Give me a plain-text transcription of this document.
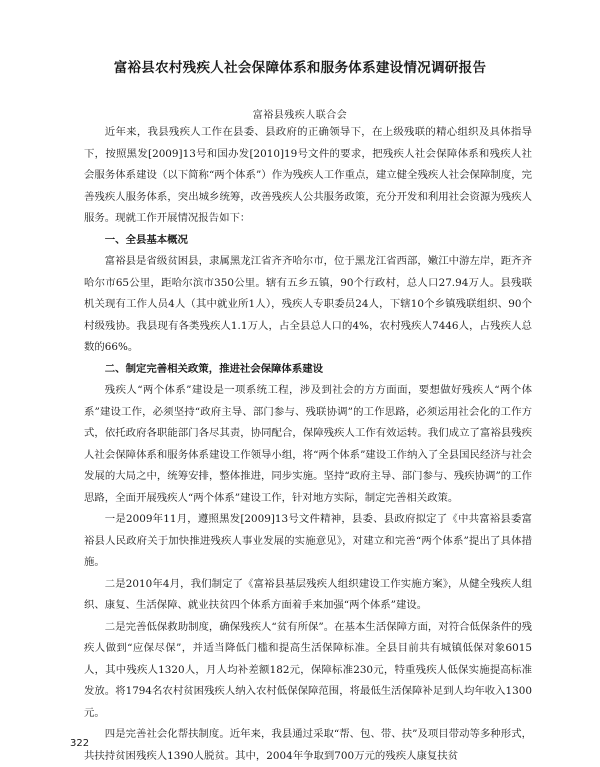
富裕县农村残疾人社会保障体系和服务体系建设情况调研报告
富裕县残疾人联合会

近年来，我县残疾人工作在县委、县政府的正确领导下，在上级残联的精心组织及具体指导下，按照黑发[2009]13号和国办发[2010]19号文件的要求，把残疾人社会保障体系和残疾人社会服务体系建设（以下简称“两个体系”）作为残疾人工作重点，建立健全残疾人社会保障制度，完善残疾人服务体系，突出城乡统筹，改善残疾人公共服务政策，充分开发和利用社会资源为残疾人服务。现就工作开展情况报告如下：

一、全县基本概况

富裕县是省级贫困县，隶属黑龙江省齐齐哈尔市，位于黑龙江省西部，嫩江中游左岸，距齐齐哈尔市65公里，距哈尔滨市350公里。辖有五乡五镇，90个行政村，总人口27.94万人。县残联机关现有工作人员4人（其中就业所1人），残疾人专职委员24人，下辖10个乡镇残联组织、90个村级残协。我县现有各类残疾人1.1万人，占全县总人口的4%，农村残疾人7446人，占残疾人总数的66%。

二、制定完善相关政策，推进社会保障体系建设

残疾人“两个体系”建设是一项系统工程，涉及到社会的方方面面，要想做好残疾人“两个体系”建设工作，必须坚持“政府主导、部门参与、残联协调”的工作思路，必须运用社会化的工作方式，依托政府各职能部门各尽其责，协同配合，保障残疾人工作有效运转。我们成立了富裕县残疾人社会保障体系和服务体系建设工作领导小组，将“两个体系”建设工作纳入了全县国民经济与社会发展的大局之中，统筹安排，整体推进，同步实施。坚持“政府主导、部门参与、残疾协调”的工作思路，全面开展残疾人“两个体系”建设工作，针对地方实际，制定完善相关政策。

一是2009年11月，遵照黑发[2009]13号文件精神，县委、县政府拟定了《中共富裕县委富裕县人民政府关于加快推进残疾人事业发展的实施意见》，对建立和完善“两个体系”提出了具体措施。

二是2010年4月，我们制定了《富裕县基层残疾人组织建设工作实施方案》，从健全残疾人组织、康复、生活保障、就业扶贫四个体系方面着手来加强“两个体系”建设。

二是完善低保救助制度，确保残疾人“贫有所保”。在基本生活保障方面，对符合低保条件的残疾人做到“应保尽保”，并适当降低门槛和提高生活保障标准。全县目前共有城镇低保对象6015人，其中残疾人1320人，月人均补差额182元，保障标准230元，特重残疾人低保实施提高标准发放。将1794名农村贫困残疾人纳入农村低保保障范围，将最低生活保障补足到人均年收入1300元。

四是完善社会化帮扶制度。近年来，我县通过采取“帮、包、带、扶”及项目带动等多种形式，共扶持贫困残疾人1390人脱贫。其中，2004年争取到700万元的残疾人康复扶贫

322
